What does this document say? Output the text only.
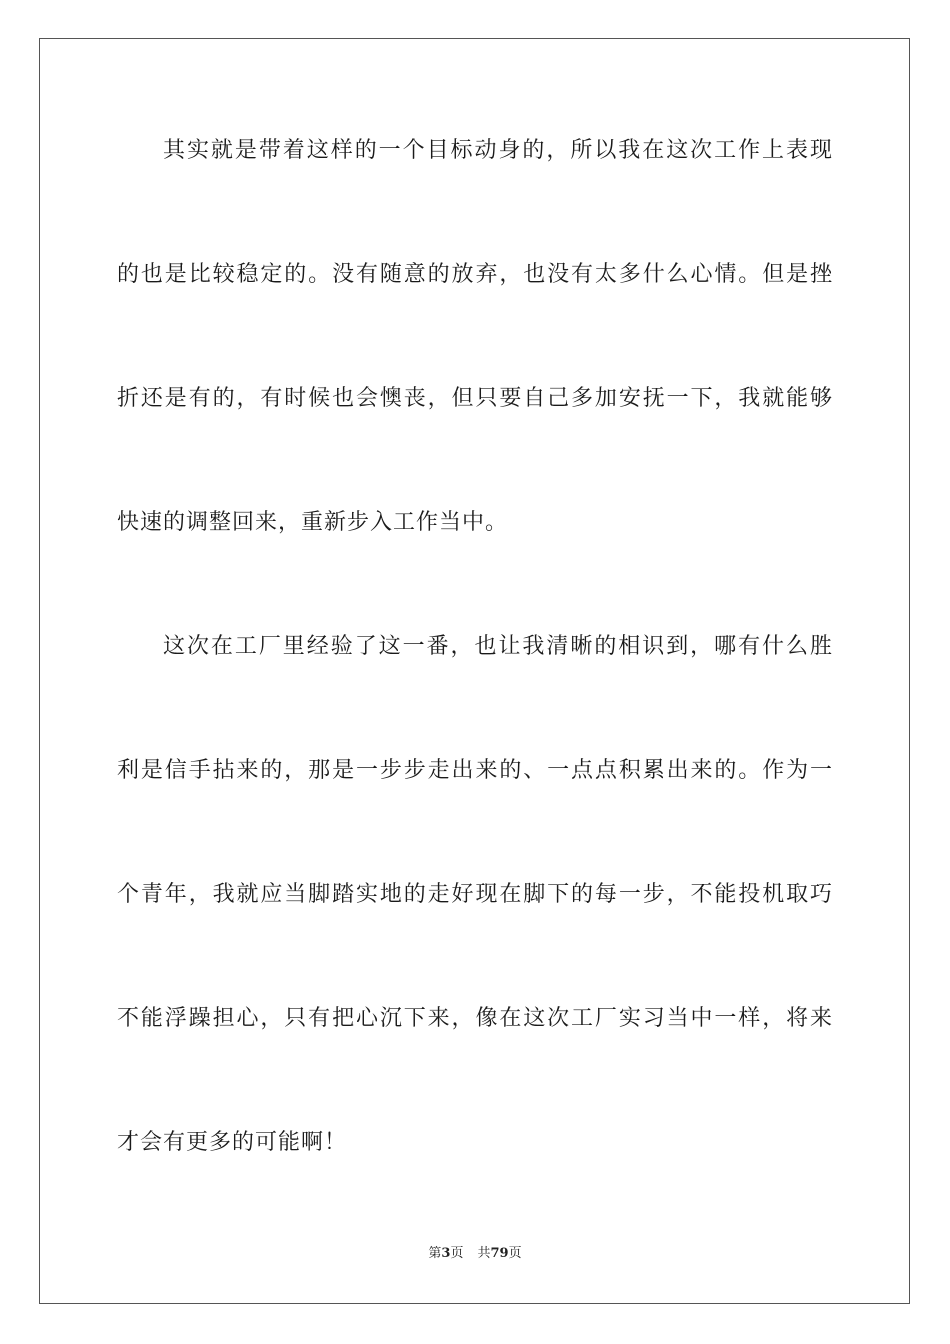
其实就是带着这样的一个目标动身的，所以我在这次工作上表现
的也是比较稳定的。没有随意的放弃，也没有太多什么心情。但是挫
折还是有的，有时候也会懊丧，但只要自己多加安抚一下，我就能够
快速的调整回来，重新步入工作当中。
这次在工厂里经验了这一番，也让我清晰的相识到，哪有什么胜
利是信手拈来的，那是一步步走出来的、一点点积累出来的。作为一
个青年，我就应当脚踏实地的走好现在脚下的每一步，不能投机取巧
不能浮躁担心，只有把心沉下来，像在这次工厂实习当中一样，将来
才会有更多的可能啊！
第3页 共79页
